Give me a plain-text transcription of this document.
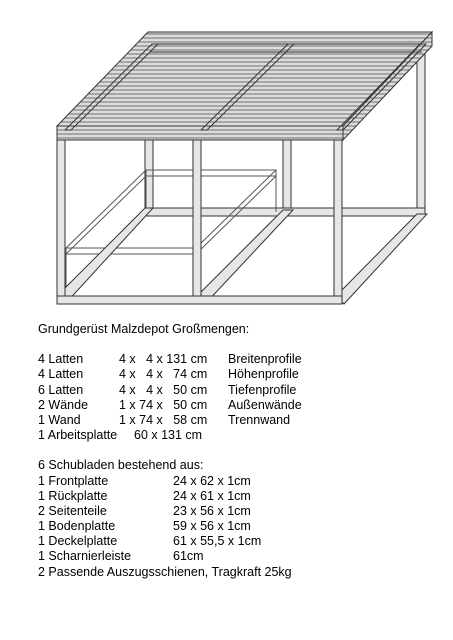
Grundgerüst Malzdepot Großmengen:
4 Latten	4 x   4 x 131 cm Breitenprofile
4 Latten	4 x   4 x   74 cm Höhenprofile
6 Latten	4 x   4 x   50 cm Tiefenprofile
2 Wände 1 x 74 x   50 cm Außenwände
1 Wand	1 x 74 x   58 cm Trennwand
1 Arbeitsplatte 60 x 131 cm
6 Schubladen bestehend aus:
1 Frontplatte	24 x 62 x 1cm
1 Rückplatte	24 x 61 x 1cm
2 Seitenteile	23 x 56 x 1cm
1 Bodenplatte	59 x 56 x 1cm
1 Deckelplatte	61 x 55,5 x 1cm
1 Scharnierleiste	61cm
2 Passende Auszugsschienen, Tragkraft 25kg
